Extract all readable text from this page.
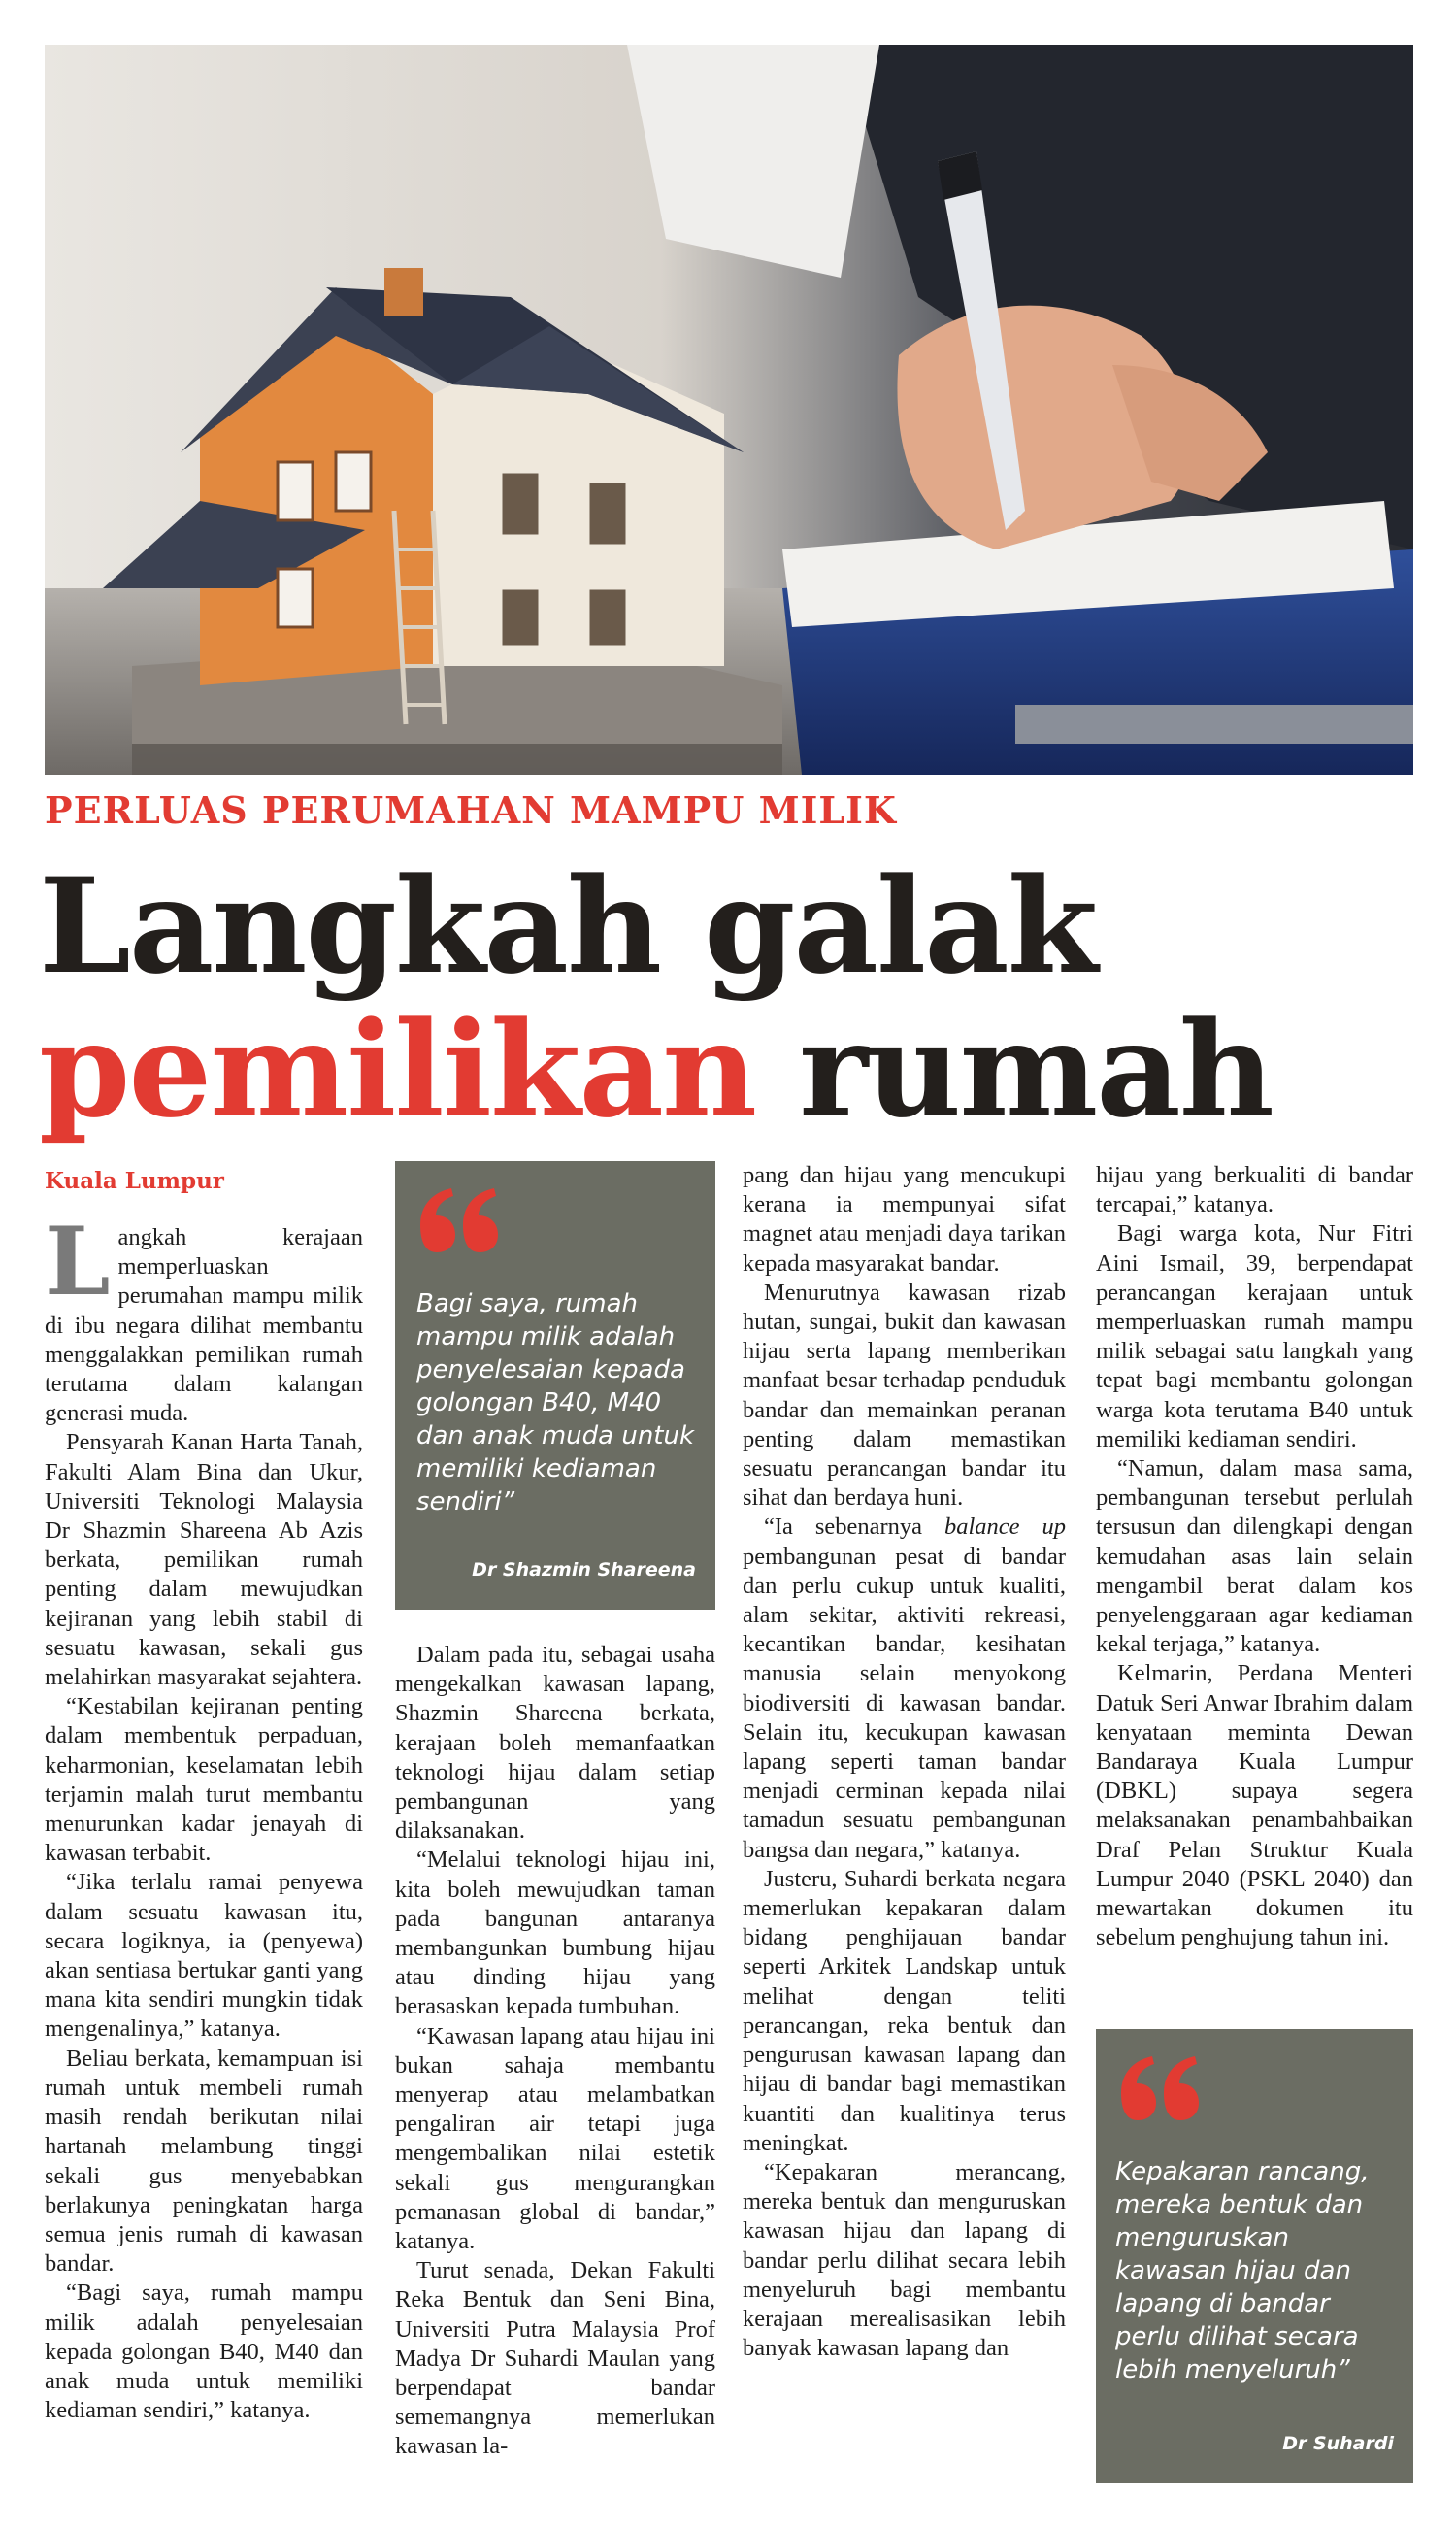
PERLUAS PERUMAHAN MAMPU MILIK
Langkah galak
pemilikan rumah
Kuala Lumpur

Langkah kerajaan memperluaskan perumahan mampu milik di ibu negara dilihat membantu menggalakkan pemilikan rumah terutama dalam kalangan generasi muda.

Pensyarah Kanan Harta Tanah, Fakulti Alam Bina dan Ukur, Universiti Teknologi Malaysia Dr Shazmin Shareena Ab Azis berkata, pemilikan rumah penting dalam mewujudkan kejiranan yang lebih stabil di sesuatu kawasan, sekali gus melahirkan masyarakat sejahtera.

“Kestabilan kejiranan penting dalam membentuk perpaduan, keharmonian, keselamatan lebih terjamin malah turut membantu menurunkan kadar jenayah di kawasan terbabit.

“Jika terlalu ramai penyewa dalam sesuatu kawasan itu, secara logiknya, ia (penyewa) akan sentiasa bertukar ganti yang mana kita sendiri mungkin tidak mengenalinya,” katanya.

Beliau berkata, kemampuan isi rumah untuk membeli rumah masih rendah berikutan nilai hartanah melambung tinggi sekali gus menyebabkan berlakunya peningkatan harga semua jenis rumah di kawasan bandar.

“Bagi saya, rumah mampu milik adalah penyelesaian kepada golongan B40, M40 dan anak muda untuk memiliki kediaman sendiri,” katanya.

Bagi saya, rumah mampu milik adalah penyelesaian kepada golongan B40, M40 dan anak muda untuk memiliki kediaman sendiri”
Dr Shazmin Shareena

Dalam pada itu, sebagai usaha mengekalkan kawasan lapang, Shazmin Shareena berkata, kerajaan boleh memanfaatkan teknologi hijau dalam setiap pembangunan yang dilaksanakan.

“Melalui teknologi hijau ini, kita boleh mewujudkan taman pada bangunan antaranya membangunkan bumbung hijau atau dinding hijau yang berasaskan kepada tumbuhan.

“Kawasan lapang atau hijau ini bukan sahaja membantu menyerap atau melambatkan pengaliran air tetapi juga mengembalikan nilai estetik sekali gus mengurangkan pemanasan global di bandar,” katanya.

Turut senada, Dekan Fakulti Reka Bentuk dan Seni Bina, Universiti Putra Malaysia Prof Madya Dr Suhardi Maulan yang berpendapat bandar sememangnya memerlukan kawasan la-

pang dan hijau yang mencukupi kerana ia mempunyai sifat magnet atau menjadi daya tarikan kepada masyarakat bandar.

Menurutnya kawasan rizab hutan, sungai, bukit dan kawasan hijau serta lapang memberikan manfaat besar terhadap penduduk bandar dan memainkan peranan penting dalam memastikan sesuatu perancangan bandar itu sihat dan berdaya huni.

“Ia sebenarnya balance up pembangunan pesat di bandar dan perlu cukup untuk kualiti, alam sekitar, aktiviti rekreasi, kecantikan bandar, kesihatan manusia selain menyokong biodiversiti di kawasan bandar. Selain itu, kecukupan kawasan lapang seperti taman bandar menjadi cerminan kepada nilai tamadun sesuatu pembangunan bangsa dan negara,” katanya.

Justeru, Suhardi berkata negara memerlukan kepakaran dalam bidang penghijauan bandar seperti Arkitek Landskap untuk melihat dengan teliti perancangan, reka bentuk dan pengurusan kawasan lapang dan hijau di bandar bagi memastikan kuantiti dan kualitinya terus meningkat.

“Kepakaran merancang, mereka bentuk dan menguruskan kawasan hijau dan lapang di bandar perlu dilihat secara lebih menyeluruh bagi membantu kerajaan merealisasikan lebih banyak kawasan lapang dan

hijau yang berkualiti di bandar tercapai,” katanya.

Bagi warga kota, Nur Fitri Aini Ismail, 39, berpendapat perancangan kerajaan untuk memperluaskan rumah mampu milik sebagai satu langkah yang tepat bagi membantu golongan warga kota terutama B40 untuk memiliki kediaman sendiri.

“Namun, dalam masa sama, pembangunan tersebut perlulah tersusun dan dilengkapi dengan kemudahan asas lain selain mengambil berat dalam kos penyelenggaraan agar kediaman kekal terjaga,” katanya.

Kelmarin, Perdana Menteri Datuk Seri Anwar Ibrahim dalam kenyataan meminta Dewan Bandaraya Kuala Lumpur (DBKL) supaya segera melaksanakan penambahbaikan Draf Pelan Struktur Kuala Lumpur 2040 (PSKL 2040) dan mewartakan dokumen itu sebelum penghujung tahun ini.

Kepakaran rancang, mereka bentuk dan menguruskan kawasan hijau dan lapang di bandar perlu dilihat secara lebih menyeluruh”
Dr Suhardi
